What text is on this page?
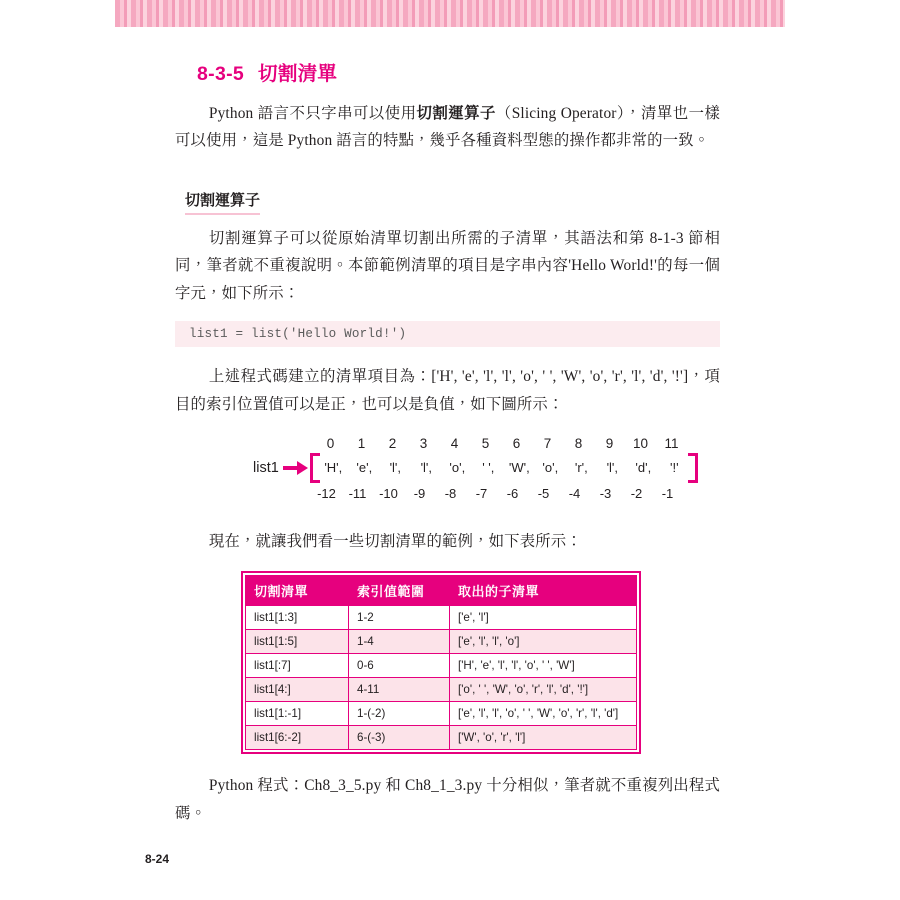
8-3-5 切割清單

Python 語言不只字串可以使用切割運算子（Slicing Operator），清單也一樣可以使用，這是 Python 語言的特點，幾乎各種資料型態的操作都非常的一致。

切割運算子

切割運算子可以從原始清單切割出所需的子清單，其語法和第 8-1-3 節相同，筆者就不重複說明。本節範例清單的項目是字串內容'Hello World!'的每一個字元，如下所示：

list1 = list('Hello World!')

上述程式碼建立的清單項目為：['H', 'e', 'l', 'l', 'o', ' ', 'W', 'o', 'r', 'l', 'd', '!']，項目的索引位置值可以是正，也可以是負值，如下圖所示：

0	1	2	3	4	5	6	7	8	9	10	11
list1	'H',	'e',	'l',	'l',	'o',	' ',	'W', 'o',	'r',	'l',	'd',	'!'
-12 -11 -10	-9	-8	-7	-6	-5	-4	-3	-2	-1

現在，就讓我們看一些切割清單的範例，如下表所示：

切割清單	索引值範圍	取出的子清單
list1[1:3]	1-2	['e', 'l']
list1[1:5]	1-4	['e', 'l', 'l', 'o']
list1[:7]	0-6	['H', 'e', 'l', 'l', 'o', ' ', 'W']
list1[4:]	4-11	['o', ' ', 'W', 'o', 'r', 'l', 'd', '!']
list1[1:-1]	1-(-2)	['e', 'l', 'l', 'o', ' ', 'W', 'o', 'r', 'l', 'd']
list1[6:-2]	6-(-3)	['W', 'o', 'r', 'l']

Python 程式：Ch8_3_5.py 和 Ch8_1_3.py 十分相似，筆者就不重複列出程式碼。

8-24
